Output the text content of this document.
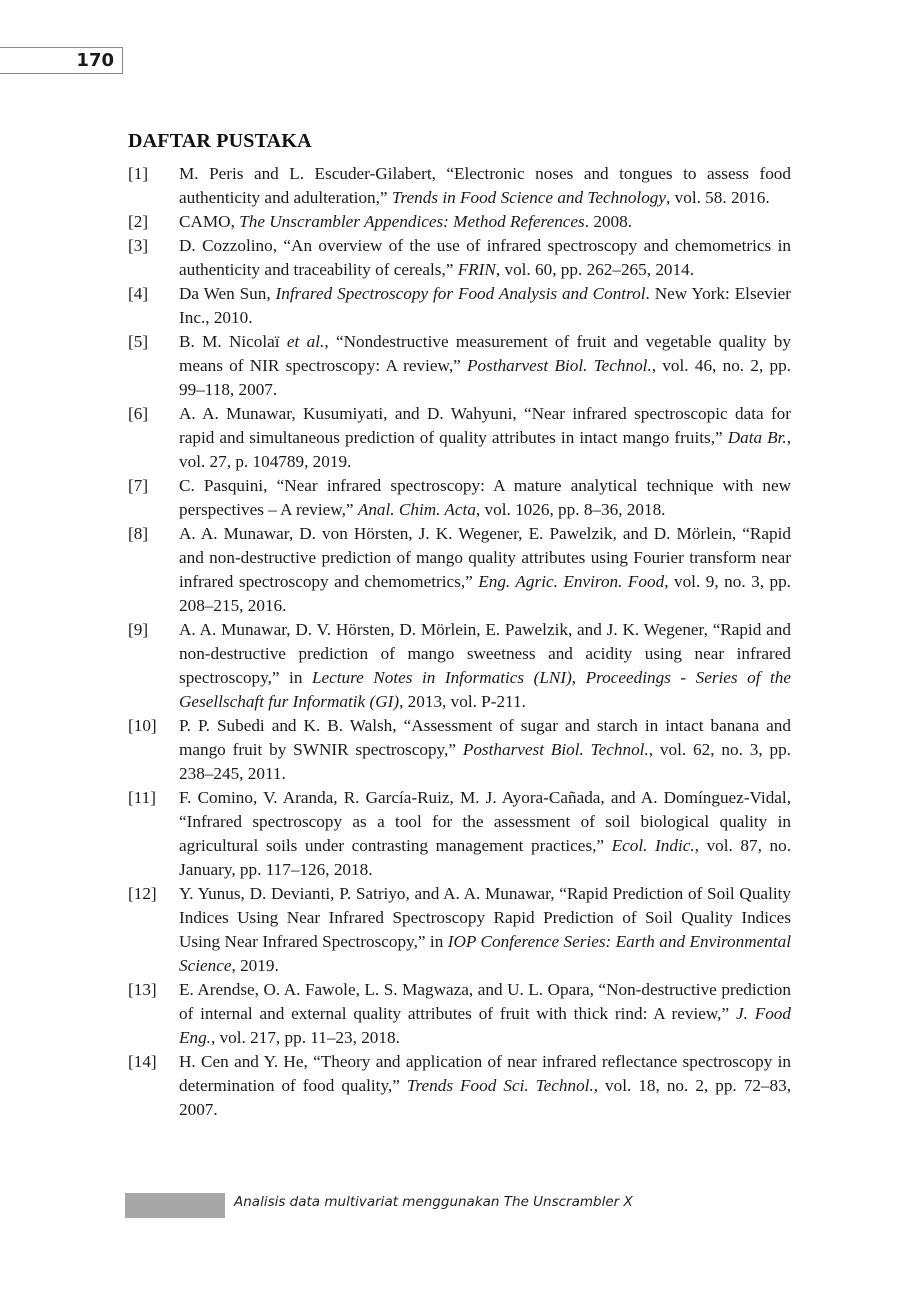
170
DAFTAR PUSTAKA
[1]	M. Peris and L. Escuder-Gilabert, “Electronic noses and tongues to assess food authenticity and adulteration,” Trends in Food Science and Technology, vol. 58. 2016.
[2]	CAMO, The Unscrambler Appendices: Method References. 2008.
[3]	D. Cozzolino, “An overview of the use of infrared spectroscopy and chemometrics in authenticity and traceability of cereals,” FRIN, vol. 60, pp. 262–265, 2014.
[4]	Da Wen Sun, Infrared Spectroscopy for Food Analysis and Control. New York: Elsevier Inc., 2010.
[5]	B. M. Nicolaï et al., “Nondestructive measurement of fruit and vegetable quality by means of NIR spectroscopy: A review,” Postharvest Biol. Technol., vol. 46, no. 2, pp. 99–118, 2007.
[6]	A. A. Munawar, Kusumiyati, and D. Wahyuni, “Near infrared spectroscopic data for rapid and simultaneous prediction of quality attributes in intact mango fruits,” Data Br., vol. 27, p. 104789, 2019.
[7]	C. Pasquini, “Near infrared spectroscopy: A mature analytical technique with new perspectives – A review,” Anal. Chim. Acta, vol. 1026, pp. 8–36, 2018.
[8]	A. A. Munawar, D. von Hörsten, J. K. Wegener, E. Pawelzik, and D. Mörlein, “Rapid and non-destructive prediction of mango quality attributes using Fourier transform near infrared spectroscopy and chemometrics,” Eng. Agric. Environ. Food, vol. 9, no. 3, pp. 208–215, 2016.
[9]	A. A. Munawar, D. V. Hörsten, D. Mörlein, E. Pawelzik, and J. K. Wegener, “Rapid and non-destructive prediction of mango sweetness and acidity using near infrared spectroscopy,” in Lecture Notes in Informatics (LNI), Proceedings - Series of the Gesellschaft fur Informatik (GI), 2013, vol. P-211.
[10]	P. P. Subedi and K. B. Walsh, “Assessment of sugar and starch in intact banana and mango fruit by SWNIR spectroscopy,” Postharvest Biol. Technol., vol. 62, no. 3, pp. 238–245, 2011.
[11]	F. Comino, V. Aranda, R. García-Ruiz, M. J. Ayora-Cañada, and A. Domínguez-Vidal, “Infrared spectroscopy as a tool for the assessment of soil biological quality in agricultural soils under contrasting management practices,” Ecol. Indic., vol. 87, no. January, pp. 117–126, 2018.
[12]	Y. Yunus, D. Devianti, P. Satriyo, and A. A. Munawar, “Rapid Prediction of Soil Quality Indices Using Near Infrared Spectroscopy Rapid Prediction of Soil Quality Indices Using Near Infrared Spectroscopy,” in IOP Conference Series: Earth and Environmental Science, 2019.
[13]	E. Arendse, O. A. Fawole, L. S. Magwaza, and U. L. Opara, “Non-destructive prediction of internal and external quality attributes of fruit with thick rind: A review,” J. Food Eng., vol. 217, pp. 11–23, 2018.
[14]	H. Cen and Y. He, “Theory and application of near infrared reflectance spectroscopy in determination of food quality,” Trends Food Sci. Technol., vol. 18, no. 2, pp. 72–83, 2007.
Analisis data multivariat menggunakan The Unscrambler X
